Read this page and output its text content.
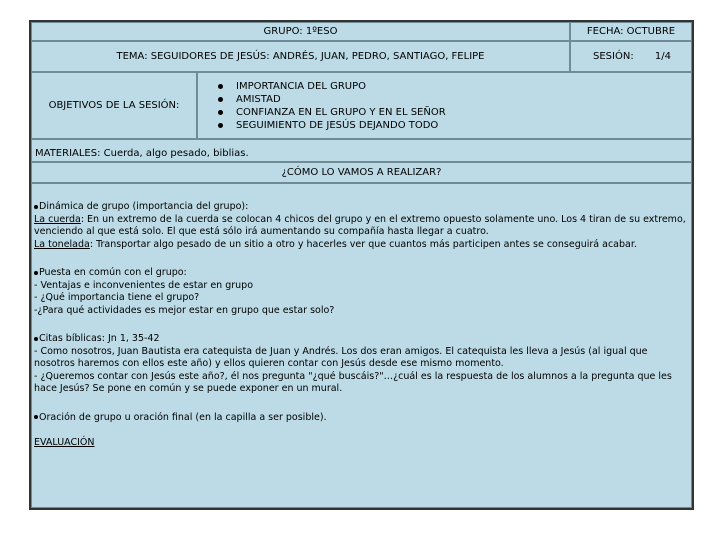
GRUPO: 1ºESO	FECHA: OCTUBRE
TEMA: SEGUIDORES DE JESÚS: ANDRÉS, JUAN, PEDRO, SANTIAGO, FELIPE	SESIÓN: 1/4
OBJETIVOS DE LA SESIÓN:
IMPORTANCIA DEL GRUPO
AMISTAD
CONFIANZA EN EL GRUPO Y EN EL SEÑOR
SEGUIMIENTO DE JESÚS DEJANDO TODO
MATERIALES: Cuerda, algo pesado, biblias.
¿CÓMO LO VAMOS A REALIZAR?
Dinámica de grupo (importancia del grupo):
La cuerda: En un extremo de la cuerda se colocan 4 chicos del grupo y en el extremo opuesto solamente uno. Los 4 tiran de su extremo, venciendo al que está solo. El que está sólo irá aumentando su compañía hasta llegar a cuatro.
La tonelada: Transportar algo pesado de un sitio a otro y hacerles ver que cuantos más participen antes se conseguirá acabar.
Puesta en común con el grupo:
- Ventajas e inconvenientes de estar en grupo
- ¿Qué importancia tiene el grupo?
-¿Para qué actividades es mejor estar en grupo que estar solo?
Citas bíblicas: Jn 1, 35-42
- Como nosotros, Juan Bautista era catequista de Juan y Andrés. Los dos eran amigos. El catequista les lleva a Jesús (al igual que nosotros haremos con ellos este año) y ellos quieren contar con Jesús desde ese mismo momento.
- ¿Queremos contar con Jesús este año?, él nos pregunta "¿qué buscáis?"…¿cuál es la respuesta de los alumnos a la pregunta que les hace Jesús? Se pone en común y se puede exponer en un mural.
Oración de grupo u oración final (en la capilla a ser posible).
EVALUACIÓN
